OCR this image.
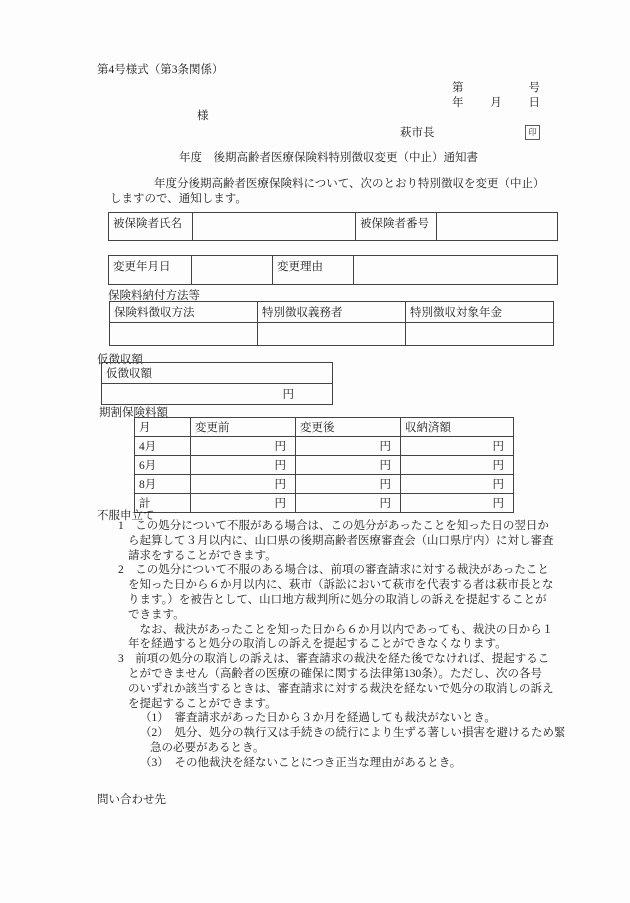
第4号様式（第3条関係）
第	号
年 月 日
様
萩市長	印
年度　後期高齢者医療保険料特別徴収変更（中止）通知書

年度分後期高齢者医療保険料について、次のとおり特別徴収を変更（中止）
しますので、通知します。

被保険者氏名		被保険者番号	
変更年月日		変更理由	
保険料納付方法等
保険料徴収方法	特別徴収義務者	特別徴収対象年金

仮徴収額
仮徴収額
円
期割保険料額
月	変更前	変更後	収納済額
4月	円	円	円
6月	円	円	円
8月	円	円	円
計	円	円	円
不服申立て

1　この処分について不服がある場合は、この処分があったことを知った日の翌日か
ら起算して３月以内に、山口県の後期高齢者医療審査会（山口県庁内）に対し審査
請求をすることができます。

2　この処分について不服のある場合は、前項の審査請求に対する裁決があったこと
を知った日から６か月以内に、萩市（訴訟において萩市を代表する者は萩市長とな
ります。）を被告として、山口地方裁判所に処分の取消しの訴えを提起することが
できます。

　なお、裁決があったことを知った日から６か月以内であっても、裁決の日から１
年を経過すると処分の取消しの訴えを提起することができなくなります。

3　前項の処分の取消しの訴えは、審査請求の裁決を経た後でなければ、提起するこ
とができません（高齢者の医療の確保に関する法律第130条）。ただし、次の各号
のいずれか該当するときは、審査請求に対する裁決を経ないで処分の取消しの訴え
を提起することができます。

（1）　審査請求があった日から３か月を経過しても裁決がないとき。

（2）　処分、処分の執行又は手続きの続行により生ずる著しい損害を避けるため緊
急の必要があるとき。

（3）　その他裁決を経ないことにつき正当な理由があるとき。

問い合わせ先
